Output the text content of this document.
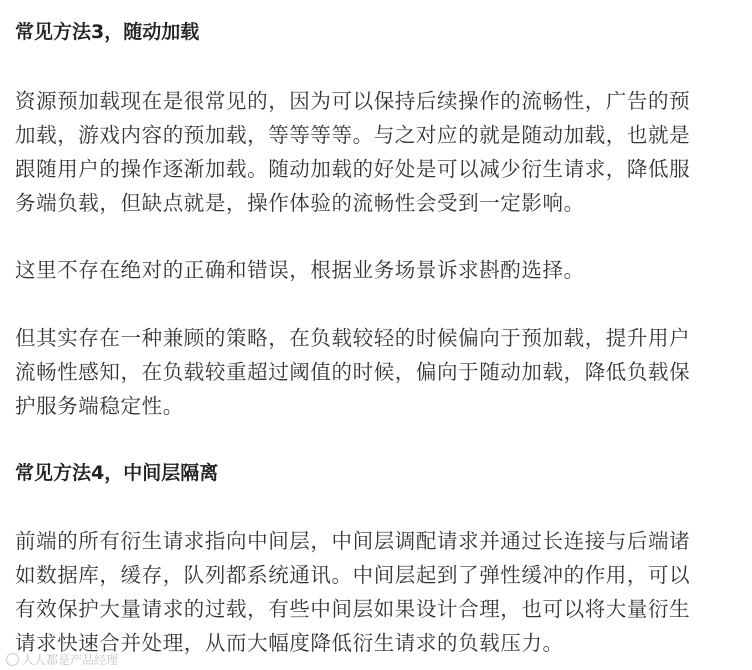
常见方法3，随动加载

资源预加载现在是很常见的，因为可以保持后续操作的流畅性，广告的预
加载，游戏内容的预加载，等等等等。与之对应的就是随动加载，也就是
跟随用户的操作逐渐加载。随动加载的好处是可以减少衍生请求，降低服
务端负载，但缺点就是，操作体验的流畅性会受到一定影响。

这里不存在绝对的正确和错误，根据业务场景诉求斟酌选择。

但其实存在一种兼顾的策略，在负载较轻的时候偏向于预加载，提升用户
流畅性感知，在负载较重超过阈值的时候，偏向于随动加载，降低负载保
护服务端稳定性。

常见方法4，中间层隔离

前端的所有衍生请求指向中间层，中间层调配请求并通过长连接与后端诸
如数据库，缓存，队列都系统通讯。中间层起到了弹性缓冲的作用，可以
有效保护大量请求的过载，有些中间层如果设计合理，也可以将大量衍生
请求快速合并处理，从而大幅度降低衍生请求的负载压力。

人人都是产品经理
